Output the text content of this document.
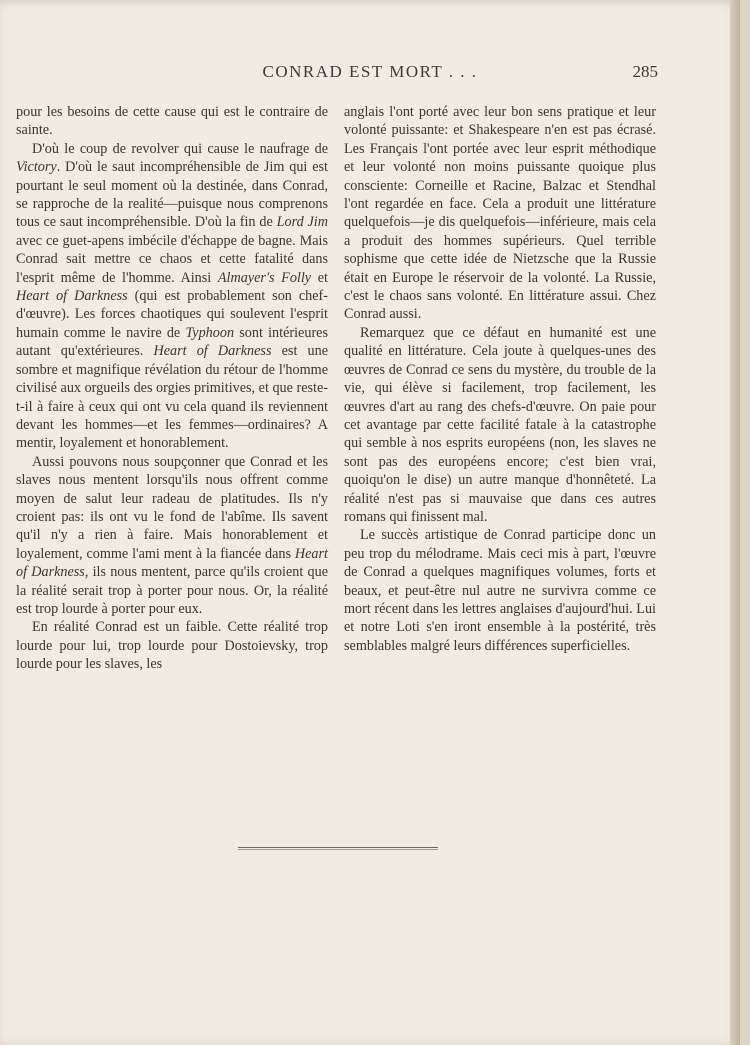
CONRAD EST MORT . . .	285

pour les besoins de cette cause qui est le contraire de sainte.

D'où le coup de revolver qui cause le naufrage de Victory. D'où le saut incompréhensible de Jim qui est pourtant le seul moment où la destinée, dans Conrad, se rapproche de la realité—puisque nous comprenons tous ce saut incompréhensible. D'où la fin de Lord Jim avec ce guet-apens imbécile d'échappe de bagne. Mais Conrad sait mettre ce chaos et cette fatalité dans l'esprit même de l'homme. Ainsi Almayer's Folly et Heart of Darkness (qui est probablement son chef-d'œuvre). Les forces chaotiques qui soulevent l'esprit humain comme le navire de Typhoon sont intérieures autant qu'extérieures. Heart of Darkness est une sombre et magnifique révélation du rétour de l'homme civilisé aux orgueils des orgies primitives, et que reste-t-il à faire à ceux qui ont vu cela quand ils reviennent devant les hommes—et les femmes—ordinaires? A mentir, loyalement et honorablement.

Aussi pouvons nous soupçonner que Conrad et les slaves nous mentent lorsqu'ils nous offrent comme moyen de salut leur radeau de platitudes. Ils n'y croient pas: ils ont vu le fond de l'abîme. Ils savent qu'il n'y a rien à faire. Mais honorablement et loyalement, comme l'ami ment à la fiancée dans Heart of Darkness, ils nous mentent, parce qu'ils croient que la réalité serait trop à porter pour nous. Or, la réalité est trop lourde à porter pour eux.

En réalité Conrad est un faible. Cette réalité trop lourde pour lui, trop lourde pour Dostoievsky, trop lourde pour les slaves, les

anglais l'ont porté avec leur bon sens pratique et leur volonté puissante: et Shakespeare n'en est pas écrasé. Les Français l'ont portée avec leur esprit méthodique et leur volonté non moins puissante quoique plus consciente: Corneille et Racine, Balzac et Stendhal l'ont regardée en face. Cela a produit une littérature quelquefois—je dis quelquefois—inférieure, mais cela a produit des hommes supérieurs. Quel terrible sophisme que cette idée de Nietzsche que la Russie était en Europe le réservoir de la volonté. La Russie, c'est le chaos sans volonté. En littérature assui. Chez Conrad aussi.

Remarquez que ce défaut en humanité est une qualité en littérature. Cela joute à quelques-unes des œuvres de Conrad ce sens du mystère, du trouble de la vie, qui élève si facilement, trop facilement, les œuvres d'art au rang des chefs-d'œuvre. On paie pour cet avantage par cette facilité fatale à la catastrophe qui semble à nos esprits européens (non, les slaves ne sont pas des européens encore; c'est bien vrai, quoiqu'on le dise) un autre manque d'honnêteté. La réalité n'est pas si mauvaise que dans ces autres romans qui finissent mal.

Le succès artistique de Conrad participe donc un peu trop du mélodrame. Mais ceci mis à part, l'œuvre de Conrad a quelques magnifiques volumes, forts et beaux, et peut-être nul autre ne survivra comme ce mort récent dans les lettres anglaises d'aujourd'hui. Lui et notre Loti s'en iront ensemble à la postérité, très semblables malgré leurs différences superficielles.
